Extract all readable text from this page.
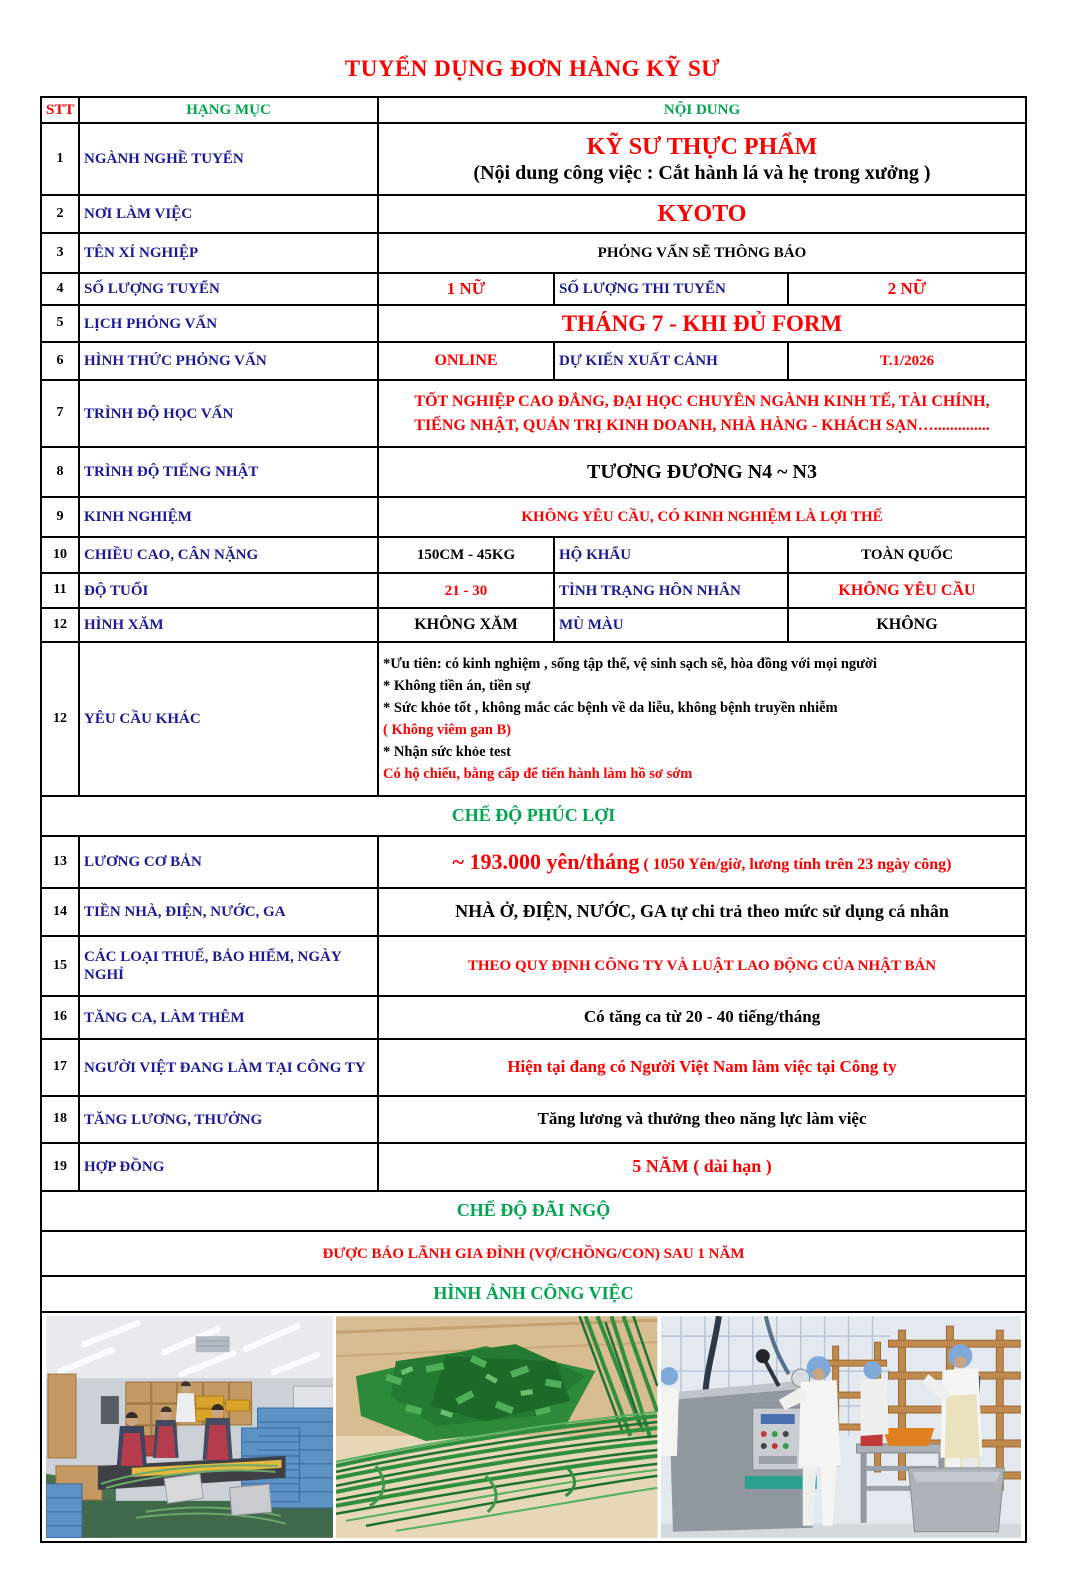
TUYỂN DỤNG ĐƠN HÀNG KỸ SƯ
STT	HẠNG MỤC	NỘI DUNG		
1	NGÀNH NGHỀ TUYỂN	KỸ SƯ THỰC PHẨM
(Nội dung công việc : Cắt hành lá và hẹ trong xưởng )		

2	NƠI LÀM VIỆC	KYOTO		
3	TÊN XÍ NGHIỆP	PHỎNG VẤN SẼ THÔNG BÁO		
4	SỐ LƯỢNG TUYỂN	1 NỮ	SỐ LƯỢNG THI TUYỂN	2 NỮ
5	LỊCH PHỎNG VẤN	THÁNG 7 - KHI ĐỦ FORM		
6	HÌNH THỨC PHỎNG VẤN	ONLINE	DỰ KIẾN XUẤT CẢNH	T.1/2026
7	TRÌNH ĐỘ HỌC VẤN	TỐT NGHIỆP CAO ĐẲNG, ĐẠI HỌC CHUYÊN NGÀNH KINH TẾ, TÀI CHÍNH, TIẾNG NHẬT, QUẢN TRỊ KINH DOANH, NHÀ HÀNG - KHÁCH SẠN…..............		
8	TRÌNH ĐỘ TIẾNG NHẬT	TƯƠNG ĐƯƠNG N4 ~ N3		
9	KINH NGHIỆM	KHÔNG YÊU CẦU, CÓ KINH NGHIỆM LÀ LỢI THẾ		
10	CHIỀU CAO, CÂN NẶNG	150CM - 45KG	HỘ KHẨU	TOÀN QUỐC
11	ĐỘ TUỔI	21 - 30	TÌNH TRẠNG HÔN NHÂN	KHÔNG YÊU CẦU
12	HÌNH XĂM	KHÔNG XĂM	MÙ MÀU	KHÔNG
12	YÊU CẦU KHÁC	
*Ưu tiên: có kinh nghiệm , sống tập thể, vệ sinh sạch sẽ, hòa đồng với mọi người
* Không tiền án, tiền sự
* Sức khỏe tốt , không mắc các bệnh về da liễu, không bệnh truyền nhiễm
( Không viêm gan B)
* Nhận sức khỏe test
Có hộ chiếu, bằng cấp để tiến hành làm hồ sơ sớm

CHẾ ĐỘ PHÚC LỢI				
13	LƯƠNG CƠ BẢN	~ 193.000 yên/tháng ( 1050 Yên/giờ, lương tính trên 23 ngày công)		
14	TIỀN NHÀ, ĐIỆN, NƯỚC, GA	NHÀ Ở, ĐIỆN, NƯỚC, GA tự chi trả theo mức sử dụng cá nhân		
15	CÁC LOẠI THUẾ, BẢO HIỂM, NGÀY NGHỈ	THEO QUY ĐỊNH CÔNG TY VÀ LUẬT LAO ĐỘNG CỦA NHẬT BẢN		
16	TĂNG CA, LÀM THÊM	Có tăng ca từ 20 - 40 tiếng/tháng		
17	NGƯỜI VIỆT ĐANG LÀM TẠI CÔNG TY	Hiện tại đang có Người Việt Nam làm việc tại Công ty		
18	TĂNG LƯƠNG, THƯỞNG	Tăng lương và thưởng theo năng lực làm việc		
19	HỢP ĐỒNG	5 NĂM ( dài hạn )		
CHẾ ĐỘ ĐÃI NGỘ				
ĐƯỢC BẢO LÃNH GIA ĐÌNH (VỢ/CHỒNG/CON) SAU 1 NĂM				
HÌNH ẢNH CÔNG VIỆC				
